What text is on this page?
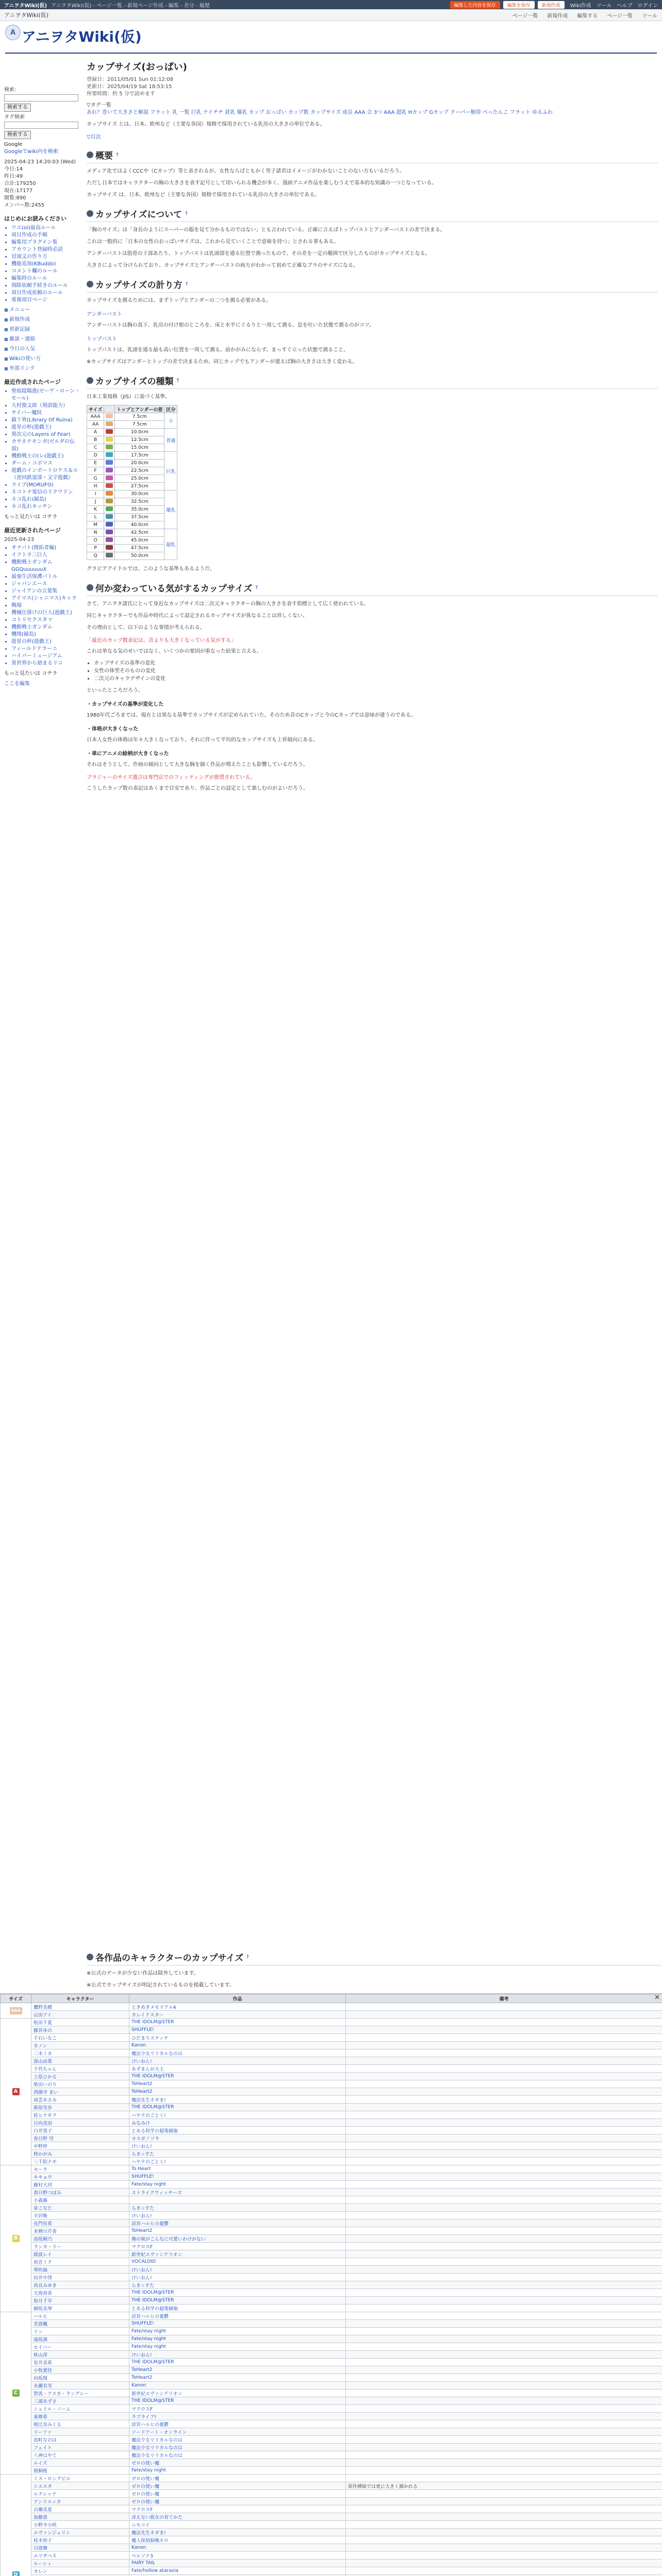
アニヲタWiki(仮) アニヲタWiki(仮) - ページ一覧 - 新規ページ作成 - 編集 - 差分 - 履歴	編集した内容を保存	編集を保存	新規作成	Wiki作成 ツール ヘルプ ログイン
アニヲタWiki(仮)	ページ一覧	新規作成	編集する	ページ一覧	ツール
A アニヲタWiki(仮)
検索：
検索する
タグ検索
検索する
Google
Googleでwiki内を検索
2025-04-23 14:20:03 (Wed)
今日:14
昨日:49
合計:179250
現在:17177
閲覧:890
メンバー数:2455
はじめにお読みください
• ウエ(oi)最高ルール
• 項目作成の手順
• 編集用プラグイン集
• アカウント登録時必読
• 冒頭文の作り方
• 機能追加(KBuddo)
• コメント欄のルール
• 編集時のルール
• 削除依頼手続きのルール
• 項目作成依頼のルール
• 重複項目ページ
■ メニュー
■ 新規作成
■ 更新記録
■ 雑談・連絡
■ 今日の人気
■ Wikiの使い方
■ 外部リンク
最近作成されたページ
• 聖痕陰陽進(ゼーゲ・ローン・モール)
• 大村俊文郎（刻語能力）
• サイバー魔紋
• 鏡下界(Library Of Ruina)
• 遊星の杯(遊戯王)
• 異次元のLayers of Fear)
• カサネテモンガ(ゼルダの伝説)
• 機動戦士の(レ(遊戯王)
• ダーム・コボマス
• 遊戯のインポートロケス＆ル（逆回鉄道部・文字遊戯）
• ライブ(MORUFO)
• ネコトナ電信のリクワドン
• ネコ乱れ(鏡島)
• ネコ乱れキッチン
もっと見たいは コチラ
最近更新されたページ
2025-04-23
• オナバト(開拓者編)
• イフトラ三巨人
• 機動戦士ガンダムGGQuuuuuuX
• 最強生活保護バトル
• ジャパンエース
• ジャイアンの言葉集
• アイマス(シャニマス)キャラ
• 戦場
• 機械仕掛けの巨人(遊戯王)
• コトリセクスタマ
• 機動戦士ガンダム
• 機関(鏡島)
• 遊星の杯(遊戯王)
• フィールドテラーニ
• ハイパーミュージアム
• 異世界から始まるリコ
もっと見たいは コチラ
ここを編集
カップサイズ(おっぱい)
登録日：2011/05/01 Sun 01:12:08
更新日：2025/04/19 Sat 18:53:15
所要時間：約 5 分で読めます
▽タグ一覧
あれ？巻いて大きさと解説 フラット 乳 一覧 巨乳 ナイチチ 貧乳 爆乳 カップ おっぱい カップ数 カップサイズ 成長 AAA 合 3つ AAA 超乳 Hカップ Gカップ クーパー靭帯 ぺったんこ フラット ゆるふわ
カップサイズ とは、日本、欧州など（主要な各国）規格で採用されている乳房の大きさの単位である。
▽目次
概要 †
メディア化ではよくCCCや（Cカップ）等と表されるが、女性ならばともかく男子諸君はイメージがわかないことのない方もいるだろう。
ただし日本ではキャラクターの胸の大きさを表す記号として用いられる機会が多く、漫画アニメ作品を楽しむうえで基本的な知識の一つとなっている。
カップサイズ は、日本、欧州など（主要な各国）規格で採用されている乳房の大きさの単位である。
カップサイズについて †
「胸のサイズ」は「身長のようにスーパーの服を見て分かるものではない」とも言われている。正確に言えばトップバストとアンダーバストの差で決まる。
これは一般的に「日本の女性のおっぱいサイズは、これから見ていくことで意味を持つ」とされる事もある。
アンダーバストは肋骨の下部あたり、トップバストは乳頭部を通る位置で測ったもので、その差を一定の範囲で区分したものがカップサイズとなる。
大きさによって分けられており、カップサイズとアンダーバストの両方がわかって初めて正確なブラのサイズになる。
カップサイズの計り方 †
カップサイズを測るためには、まずトップとアンダーの二つを測る必要がある。
アンダーバスト
アンダーバストは胸の真下、乳房の付け根のところを、床と水平にぐるりと一周して測る。息を吐いた状態で測るのがコツ。
トップバスト
トップバストは、乳頭を通る最も高い位置を一周して測る。前かがみにならず、まっすぐ立った状態で測ること。
※カップサイズはアンダーとトップの差で決まるため、同じカップでもアンダーが違えば胸の大きさは大きく変わる。
カップサイズの種類 †
日本工業規格（JIS）に基づく基準。
サイズ		トップとアンダーの差	区分
AAA		7.5cm	小
AA		7.5cm	
A		10.0cm	普通
B		12.5cm	
C		15.0cm	
D		17.5cm	巨乳
E		20.0cm	
F		22.5cm	
G		25.0cm	
H		27.5cm	
I		30.0cm	爆乳
J		32.5cm	
K		35.0cm	
L		37.5cm	
M		40.0cm	
N		42.5cm	超乳
O		45.0cm	
P		47.5cm	
Q		50.0cm	
グラビアアイドルでは、このような基準もあるようだ。
何か変わっている気がするカップサイズ †
さて、アニヲタ諸氏にとって身近なカップサイズは二次元キャラクターの胸の大きさを表す指標として広く使われている。
同じキャラクターでも作品や時代によって設定されるカップサイズが異なることは珍しくない。
その理由として、以下のような事情が考えられる。
「最近のカップ数表記は、昔よりも大きくなっている気がする」
これは単なる気のせいではなく、いくつかの要因が重なった結果と言える。
• カップサイズの基準の変化
• 女性の体型そのものの変化
• 二次元のキャラデザインの変化
といったところだろう。
・カップサイズの基準が変化した
1980年代ごろまでは、現在とは異なる基準でカップサイズが定められていた。そのため昔のCカップと今のCカップでは意味が違うのである。
・体格が大きくなった
日本人女性の体格は年々大きくなっており、それに伴って平均的なカップサイズも上昇傾向にある。
・単にアニメの絵柄が大きくなった
それはそうとして、作画の傾向として大きな胸を描く作品が増えたことも影響しているだろう。
ブラジャーのサイズ選びは専門店でのフィッティングが推奨されている。
こうしたカップ数の表記はあくまで目安であり、作品ごとの設定として楽しむのがよいだろう。
各作品のキャラクターのカップサイズ †
※公式のデータが少ない作品は除外しています。
※公式でカップサイズが明記されているものを掲載しています。
✕
サイズ	キャラクター	作品	備考
AAA	鷹野美穂	ときめきメモリアル4	
	山田アイ	カレイドスター	
A	松田千夏	THE IDOLM@STER	
	藤宮ゆの	SHUFFLE!	
	千石いなこ	ひだまりスケッチ	
	カノン	Kanon	
	三木ミカ	魔法少女リリカルなのは	
	深山由菜	けいおん!	
	千代ちゃん	あずまんが大王	
	上原ひかる	THE IDOLM@STER	
	柴田いのり	ToHeart2	
	西園寺 まい	ToHeart2	
	南雲あさみ	魔法先生ネギま!	
	萩原雪歩	THE IDOLM@STER	
	桂ヒナギク	ハヤテのごとく!	
	日向美羽	みなみけ	
	白井黒子	とある科学の超電磁砲	
	春日野 穹	ヨスガノソラ	
	中野梓	けいおん!	
	柊かがみ	らき☆すた	
	三千院ナギ	ハヤテのごとく!	
B	セーラ	To Heart	
	キキョウ	SHUFFLE!	
	藤村大河	Fate/stay night	
	春日野つぼみ	ストライクウィッチーズ	
	小森霧		
	泉こなた	らき☆すた	
	平沢唯	けいおん!	
	長門有希	涼宮ハルヒの憂鬱	
	来栖川芹香	ToHeart2	
	高坂桐乃	俺の妹がこんなに可愛いわけがない	
	ランカ・リー	マクロスF	
	綾波レイ	新世紀エヴァンゲリオン	
	初音ミク	VOCALOID	
	琴吹紬	けいおん!	
	田井中律	けいおん!	
	高良みゆき	らき☆すた	
	天海春香	THE IDOLM@STER	
	如月千早	THE IDOLM@STER	
	御坂美琴	とある科学の超電磁砲	
C	ハルヒ	涼宮ハルヒの憂鬱	
	芙蓉楓	SHUFFLE!	
	リン	Fate/stay night	
	遠坂凛	Fate/stay night	
	セイバー	Fate/stay night	
	秋山澪	けいおん!	
	星井美希	THE IDOLM@STER	
	小牧愛佳	ToHeart2	
	向坂環	ToHeart2	
	水瀬名雪	Kanon	
	惣流・アスカ・ラングレー	新世紀エヴァンゲリオン	
	三浦あずさ	THE IDOLM@STER	
	シェリル・ノーム	マクロスF	
	東條希	ラブライブ!	
	朝比奈みくる	涼宮ハルヒの憂鬱	
	リーファ	ソードアート・オンライン	
	高町なのは	魔法少女リリカルなのは	
	フェイト	魔法少女リリカルなのは	
	八神はやて	魔法少女リリカルなのは	
	ルイズ	ゼロの使い魔	
	間桐桜	Fate/stay night	
D	ミス・ロングビル	ゼロの使い魔	
	シエスタ	ゼロの使い魔	原作挿絵では更に大きく描かれる
	ルクシャナ	ゼロの使い魔	
	アンリエッタ	ゼロの使い魔	
	百瀬美夏	マクロスF	
	加藤恵	冴えない彼女の育てかた	
	小野寺小咲	ニセコイ	
	エヴァンジェリン	魔法先生ネギま!	
	桂木弥子	魔人探偵脳噛ネロ	
	川澄舞	Kanon	
	エリザベス	ペルソナ3	
	ルーシィ	FAIRY TAIL	
	カレン	Fate/hollow ataraxia	
